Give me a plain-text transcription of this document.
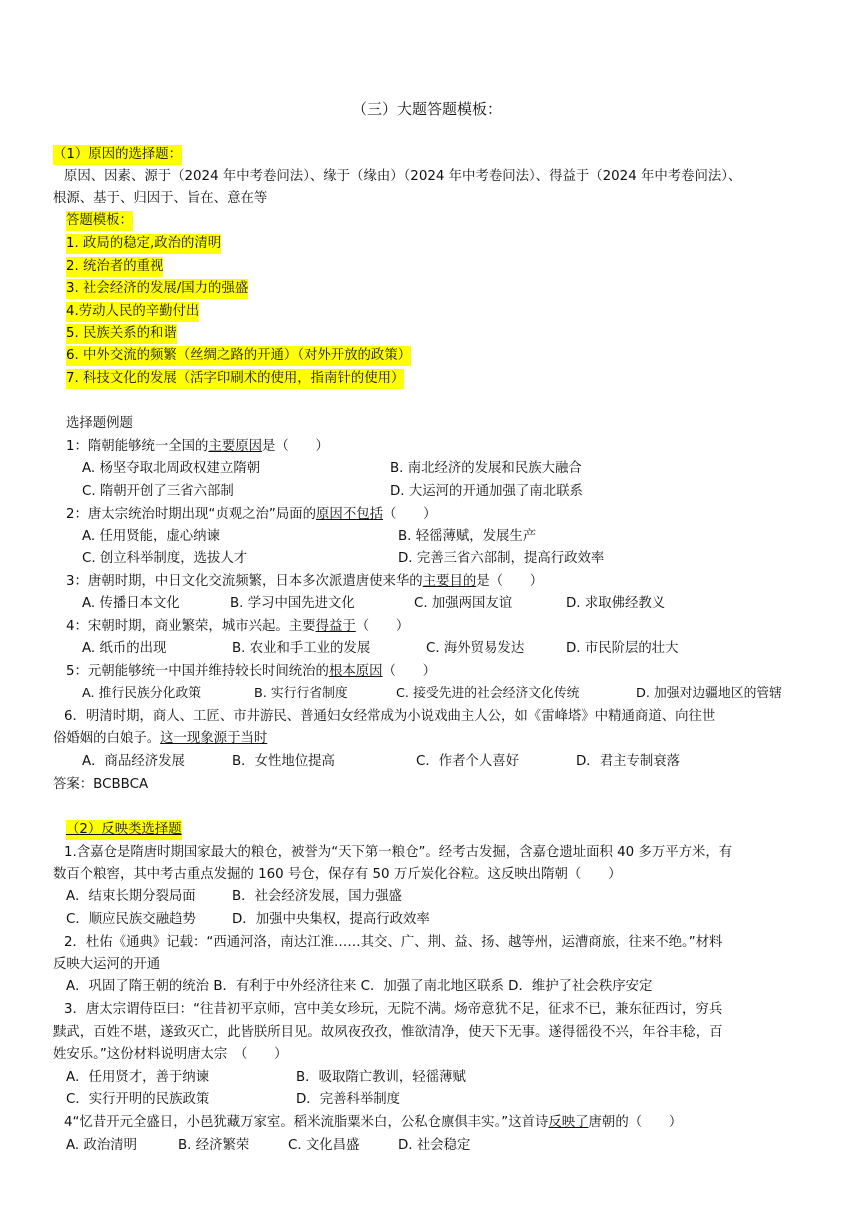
（三）大题答题模板：
（1）原因的选择题：
原因、因素、源于（2024 年中考卷问法）、缘于（缘由）（2024 年中考卷问法）、得益于（2024 年中考卷问法）、
根源、基于、归因于、旨在、意在等
答题模板：
1. 政局的稳定,政治的清明
2. 统治者的重视
3. 社会经济的发展/国力的强盛
4.劳动人民的辛勤付出
5. 民族关系的和谐
6. 中外交流的频繁（丝绸之路的开通）（对外开放的政策）
7. 科技文化的发展（活字印刷术的使用，指南针的使用）
选择题例题
1：隋朝能够统一全国的主要原因是（　　）
A. 杨坚夺取北周政权建立隋朝	B. 南北经济的发展和民族大融合
C. 隋朝开创了三省六部制	D. 大运河的开通加强了南北联系
2：唐太宗统治时期出现“贞观之治”局面的原因不包括（　　）
A. 任用贤能，虚心纳谏	B. 轻徭薄赋，发展生产
C. 创立科举制度，选拔人才	D. 完善三省六部制，提高行政效率
3：唐朝时期，中日文化交流频繁，日本多次派遣唐使来华的主要目的是（　　）
A. 传播日本文化	B. 学习中国先进文化	C. 加强两国友谊	D. 求取佛经教义
4：宋朝时期，商业繁荣，城市兴起。主要得益于（　　）
A. 纸币的出现	B. 农业和手工业的发展	C. 海外贸易发达	D. 市民阶层的壮大
5：元朝能够统一中国并维持较长时间统治的根本原因（　　）
A. 推行民族分化政策	B. 实行行省制度	C. 接受先进的社会经济文化传统	D. 加强对边疆地区的管辖
6．明清时期，商人、工匠、市井游民、普通妇女经常成为小说戏曲主人公，如《雷峰塔》中精通商道、向往世
俗婚姻的白娘子。这一现象源于当时
A．商品经济发展	B．女性地位提高	C．作者个人喜好	D．君主专制衰落
答案：BCBBCA
（2）反映类选择题
1.含嘉仓是隋唐时期国家最大的粮仓，被誉为“天下第一粮仓”。经考古发掘，含嘉仓遗址面积 40 多万平方米，有
数百个粮窖，其中考古重点发掘的 160 号仓，保存有 50 万斤炭化谷粒。这反映出隋朝（　　）
A．结束长期分裂局面	B．社会经济发展，国力强盛
C．顺应民族交融趋势	D．加强中央集权，提高行政效率
2．杜佑《通典》记载：“西通河洛，南达江淮……其交、广、荆、益、扬、越等州，运漕商旅，往来不绝。”材料
反映大运河的开通
A．巩固了隋王朝的统治 B．有利于中外经济往来 C．加强了南北地区联系 D．维护了社会秩序安定
3．唐太宗谓侍臣曰：“往昔初平京师，宫中美女珍玩，无院不满。炀帝意犹不足，征求不已，兼东征西讨，穷兵
黩武，百姓不堪，遂致灭亡，此皆朕所目见。故夙夜孜孜，惟欲清净，使天下无事。遂得徭役不兴，年谷丰稔，百
姓安乐。”这份材料说明唐太宗　（　　）
A．任用贤才，善于纳谏	B．吸取隋亡教训，轻徭薄赋
C．实行开明的民族政策	D．完善科举制度
4“忆昔开元全盛日，小邑犹藏万家室。稻米流脂粟米白，公私仓廪俱丰实。”这首诗反映了唐朝的（　　）
A. 政治清明	B. 经济繁荣	C. 文化昌盛	D. 社会稳定
